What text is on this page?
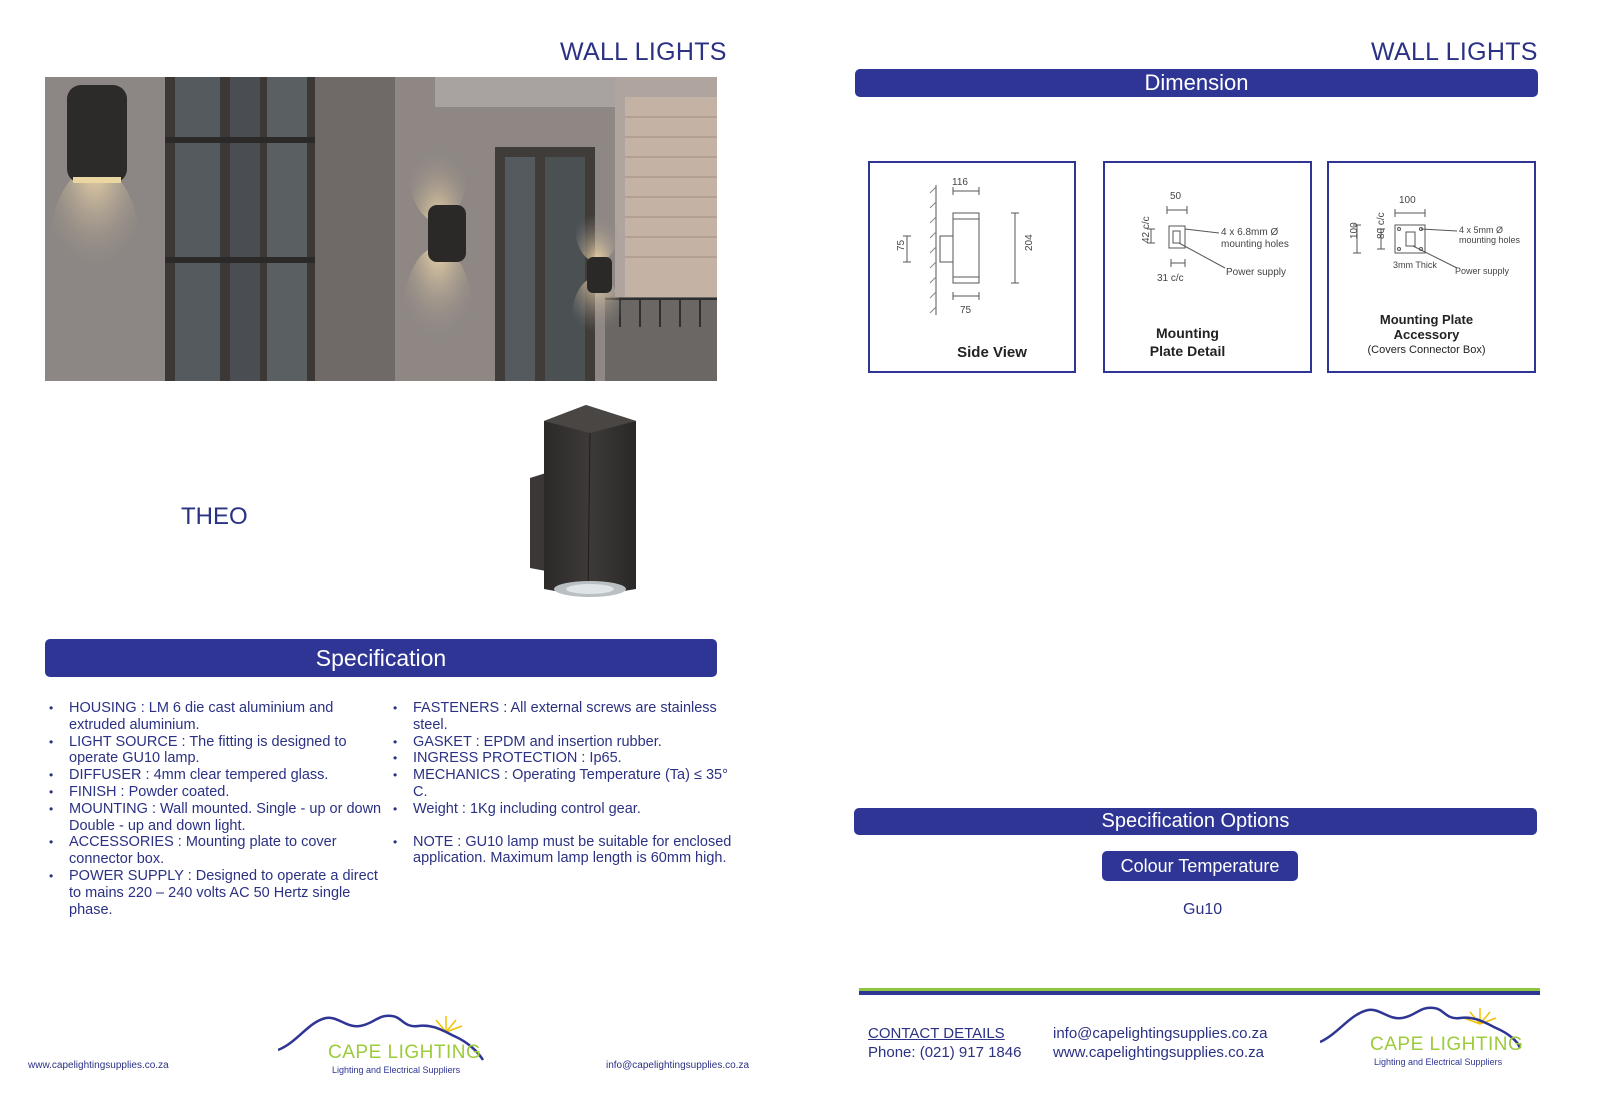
WALL LIGHTS
THEO
Specification
• HOUSING : LM 6 die cast aluminium and extruded aluminium.
• LIGHT SOURCE : The fitting is designed to operate GU10 lamp.
• DIFFUSER : 4mm clear tempered glass.
• FINISH : Powder coated.
• MOUNTING : Wall mounted. Single - up or down Double - up and down light.
• ACCESSORIES : Mounting plate to cover connector box.
• POWER SUPPLY : Designed to operate a direct to mains 220 – 240 volts AC 50 Hertz single phase.
• FASTENERS : All external screws are stainless steel.
• GASKET : EPDM and insertion rubber.
• INGRESS PROTECTION : Ip65.
• MECHANICS : Operating Temperature (Ta) ≤ 35° C.
• Weight : 1Kg including control gear.
• NOTE : GU10 lamp must be suitable for enclosed application. Maximum lamp length is 60mm high.
www.capelightingsupplies.co.za	info@capelightingsupplies.co.za
CAPE LIGHTING
Lighting and Electrical Suppliers
WALL LIGHTS
Dimension
116
75	204
75
Side View
50
42 c/c
31 c/c
4 x 6.8mm Ø
mounting holes
Power supply
Mounting
Plate Detail
100
100 80 c/c	4 x 5mm Ø
mounting holes
3mm Thick
Power supply
Mounting Plate
Accessory
(Covers Connector Box)
Specification Options
Colour Temperature
Gu10
CONTACT DETAILS
Phone: (021) 917 1846
info@capelightingsupplies.co.za
www.capelightingsupplies.co.za	CAPE LIGHTING
Lighting and Electrical Suppliers
